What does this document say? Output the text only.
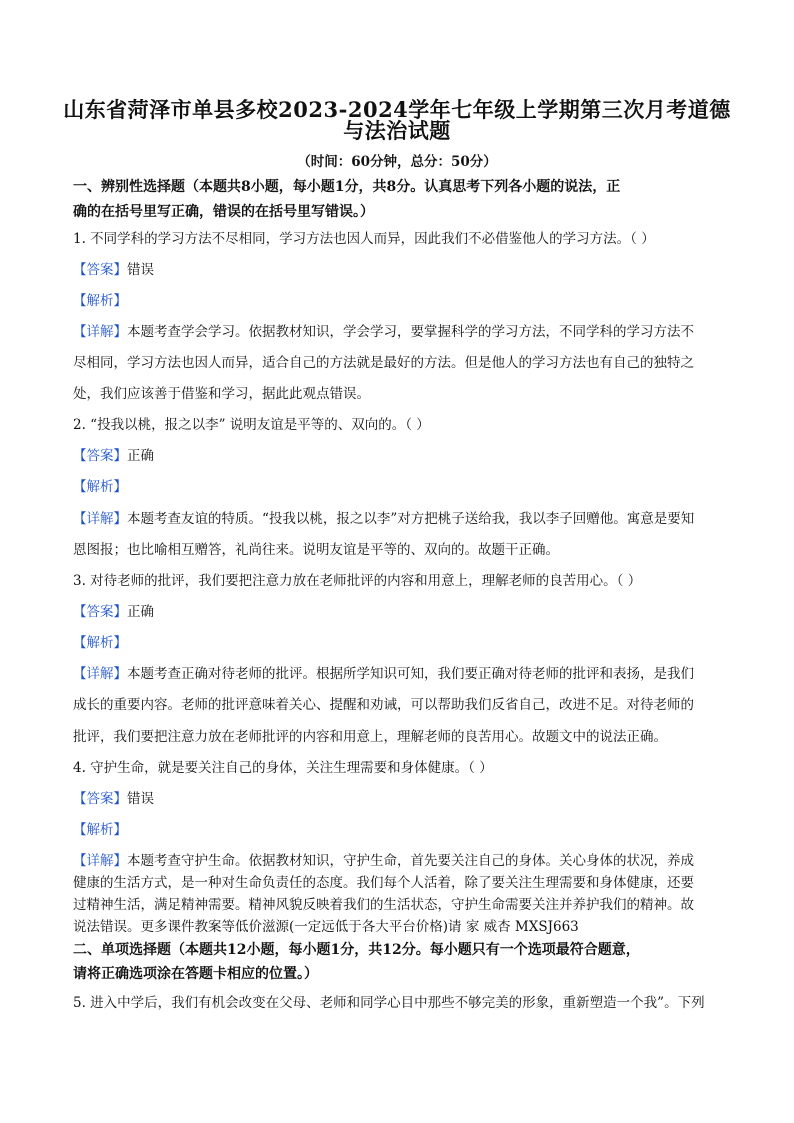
山东省菏泽市单县多校2023-2024学年七年级上学期第三次月考道德
与法治试题
（时间：60分钟，总分：50分）
一、辨别性选择题（本题共8小题，每小题1分，共8分。认真思考下列各小题的说法，正
确的在括号里写正确，错误的在括号里写错误。）
1. 不同学科的学习方法不尽相同，学习方法也因人而异，因此我们不必借鉴他人的学习方法。（ ）
【答案】错误
【解析】
【详解】本题考查学会学习。依据教材知识，学会学习，要掌握科学的学习方法，不同学科的学习方法不
尽相同，学习方法也因人而异，适合自己的方法就是最好的方法。但是他人的学习方法也有自己的独特之
处，我们应该善于借鉴和学习，据此此观点错误。
2. “投我以桃，报之以李” 说明友谊是平等的、双向的。（ ）
【答案】正确
【解析】
【详解】本题考查友谊的特质。“投我以桃，报之以李”对方把桃子送给我，我以李子回赠他。寓意是要知
恩图报；也比喻相互赠答，礼尚往来。说明友谊是平等的、双向的。故题干正确。
3. 对待老师的批评，我们要把注意力放在老师批评的内容和用意上，理解老师的良苦用心。（ ）
【答案】正确
【解析】
【详解】本题考查正确对待老师的批评。根据所学知识可知，我们要正确对待老师的批评和表扬，是我们
成长的重要内容。老师的批评意味着关心、提醒和劝诫，可以帮助我们反省自己，改进不足。对待老师的
批评，我们要把注意力放在老师批评的内容和用意上，理解老师的良苦用心。故题文中的说法正确。
4. 守护生命，就是要关注自己的身体，关注生理需要和身体健康。（ ）
【答案】错误
【解析】
【详解】本题考查守护生命。依据教材知识，守护生命，首先要关注自己的身体。关心身体的状况，养成
健康的生活方式，是一种对生命负责任的态度。我们每个人活着，除了要关注生理需要和身体健康，还要
过精神生活，满足精神需要。精神风貌反映着我们的生活状态，守护生命需要关注并养护我们的精神。故
说法错误。更多课件教案等低价滋源(一定远低于各大平台价格)请 家 威杏 MXSJ663
二、单项选择题（本题共12小题，每小题1分，共12分。每小题只有一个选项最符合题意，
请将正确选项涂在答题卡相应的位置。）
5. 进入中学后，我们有机会改变在父母、老师和同学心目中那些不够完美的形象，重新塑造一个我”。下列
